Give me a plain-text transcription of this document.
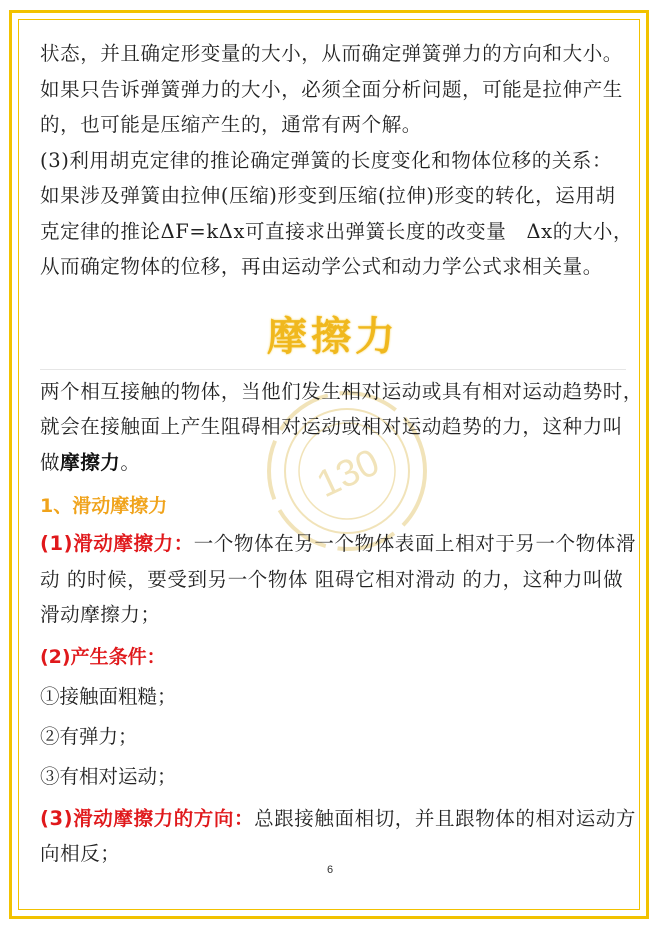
130

状态，并且确定形变量的大小，从而确定弹簧弹力的方向和大小。
如果只告诉弹簧弹力的大小，必须全面分析问题，可能是拉伸产生
的，也可能是压缩产生的，通常有两个解。

(3)利用胡克定律的推论确定弹簧的长度变化和物体位移的关系：
如果涉及弹簧由拉伸(压缩)形变到压缩(拉伸)形变的转化，运用胡
克定律的推论ΔF=kΔx可直接求出弹簧长度的改变量　Δx的大小，
从而确定物体的位移，再由运动学公式和动力学公式求相关量。

摩擦力

两个相互接触的物体，当他们发生相对运动或具有相对运动趋势时，
就会在接触面上产生阻碍相对运动或相对运动趋势的力，这种力叫
做摩擦力。

1、滑动摩擦力

(1)滑动摩擦力：一个物体在另一个物体表面上相对于另一个物体滑
动 的时候，要受到另一个物体 阻碍它相对滑动 的力，这种力叫做
滑动摩擦力；

(2)产生条件：
①接触面粗糙；
②有弹力；
③有相对运动；

(3)滑动摩擦力的方向：总跟接触面相切，并且跟物体的相对运动方
向相反；

6
